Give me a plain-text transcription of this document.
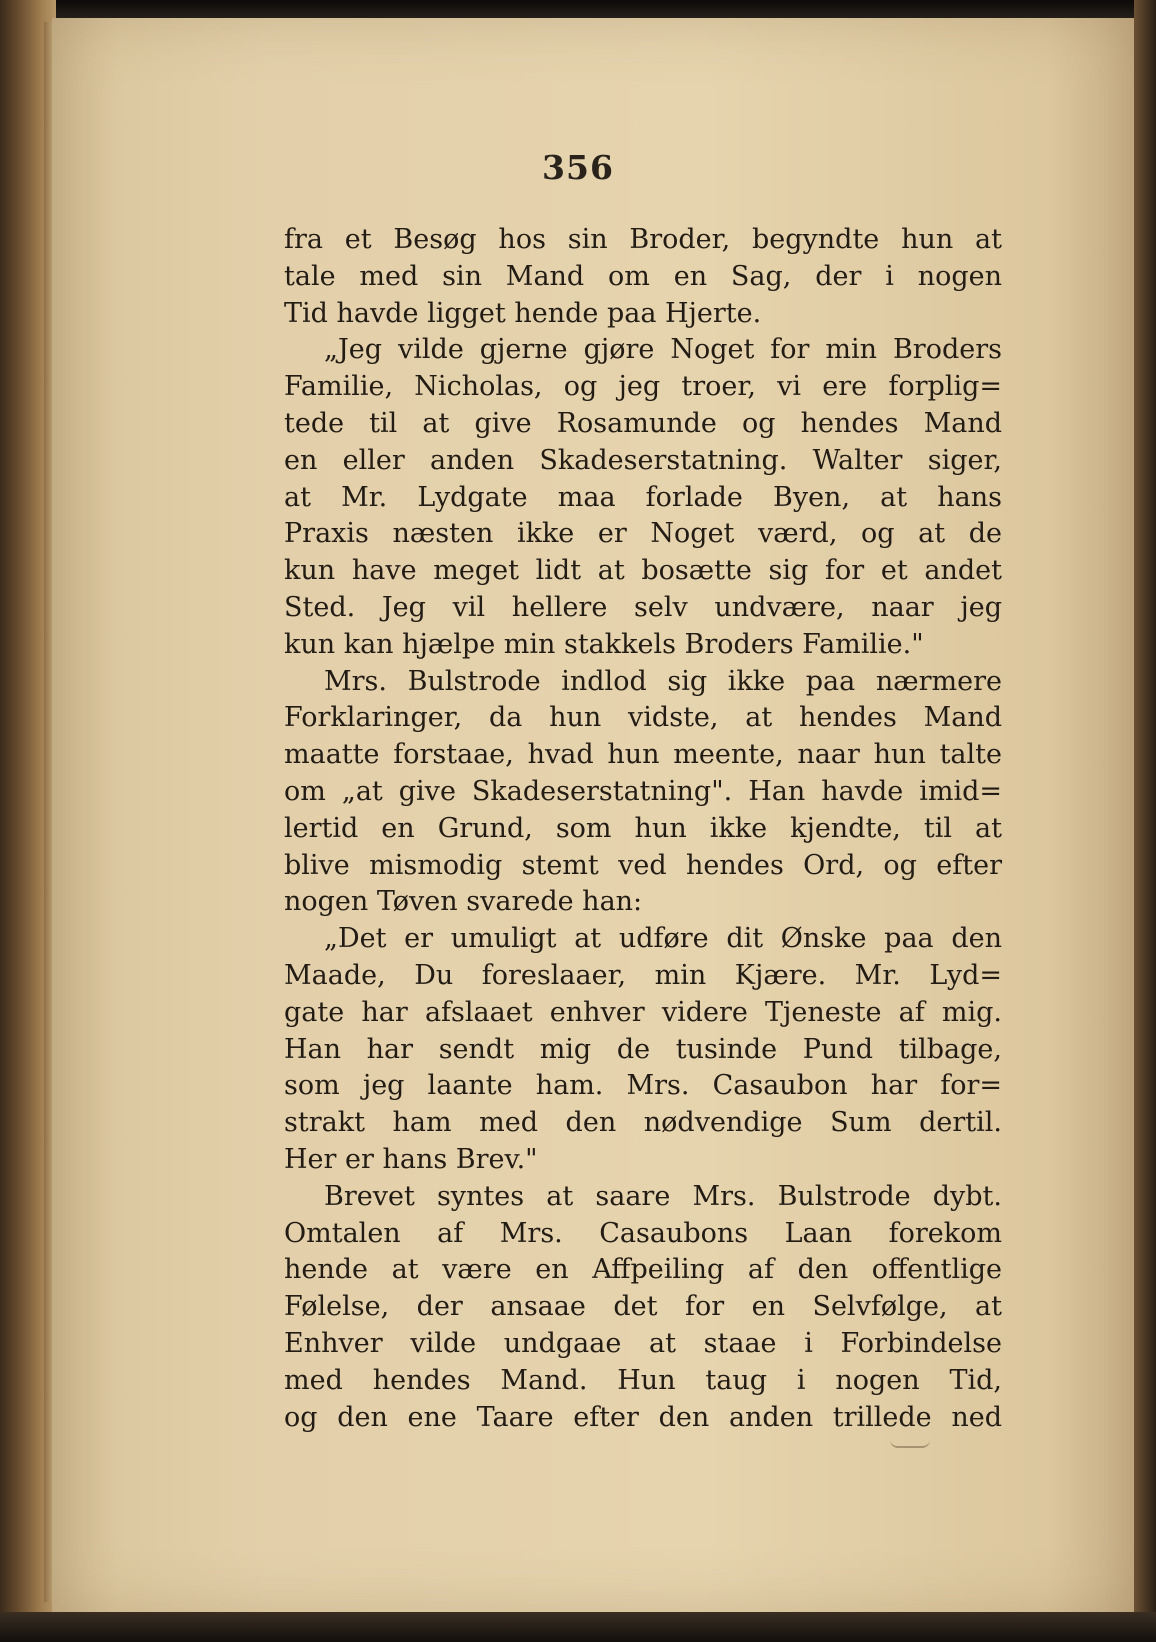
356
fra et Besøg hos sin Broder, begyndte hun at
tale med sin Mand om en Sag, der i nogen
Tid havde ligget hende paa Hjerte.
„Jeg vilde gjerne gjøre Noget for min Broders
Familie, Nicholas, og jeg troer, vi ere forplig=
tede til at give Rosamunde og hendes Mand
en eller anden Skadeserstatning. Walter siger,
at Mr. Lydgate maa forlade Byen, at hans
Praxis næsten ikke er Noget værd, og at de
kun have meget lidt at bosætte sig for et andet
Sted. Jeg vil hellere selv undvære, naar jeg
kun kan hjælpe min stakkels Broders Familie."
Mrs. Bulstrode indlod sig ikke paa nærmere
Forklaringer, da hun vidste, at hendes Mand
maatte forstaae, hvad hun meente, naar hun talte
om „at give Skadeserstatning". Han havde imid=
lertid en Grund, som hun ikke kjendte, til at
blive mismodig stemt ved hendes Ord, og efter
nogen Tøven svarede han:
„Det er umuligt at udføre dit Ønske paa den
Maade, Du foreslaaer, min Kjære. Mr. Lyd=
gate har afslaaet enhver videre Tjeneste af mig.
Han har sendt mig de tusinde Pund tilbage,
som jeg laante ham. Mrs. Casaubon har for=
strakt ham med den nødvendige Sum dertil.
Her er hans Brev."
Brevet syntes at saare Mrs. Bulstrode dybt.
Omtalen af Mrs. Casaubons Laan forekom
hende at være en Affpeiling af den offentlige
Følelse, der ansaae det for en Selvfølge, at
Enhver vilde undgaae at staae i Forbindelse
med hendes Mand. Hun taug i nogen Tid,
og den ene Taare efter den anden trillede ned
